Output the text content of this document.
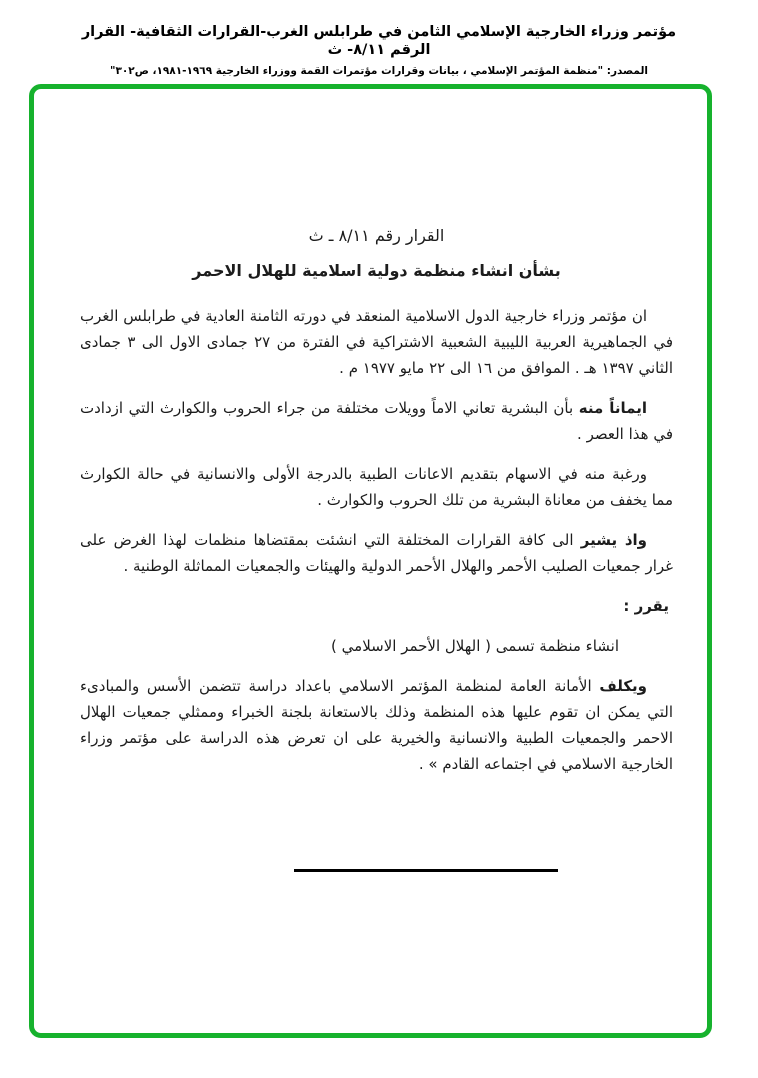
مؤتمر وزراء الخارجية الإسلامي الثامن في طرابلس الغرب-القرارات الثقافية- القرار الرقم ٨/١١- ث
المصدر: "منظمة المؤتمر الإسلامي ، بيانات وقرارات مؤتمرات القمة ووزراء الخارجية ١٩٦٩-١٩٨١، ص٣٠٢"

القرار رقم ٨/١١ ـ ث

بشأن انشاء منظمة دولية اسلامية للهلال الاحمر

ان مؤتمر وزراء خارجية الدول الاسلامية المنعقد في دورته الثامنة العادية في طرابلس الغرب في الجماهيرية العربية الليبية الشعبية الاشتراكية في الفترة من ٢٧ جمادى الاول الى ٣ جمادى الثاني ١٣٩٧ هـ . الموافق من ١٦ الى ٢٢ مايو ١٩٧٧ م .

ايماناً منه بأن البشرية تعاني الاماً وويلات مختلفة من جراء الحروب والكوارث التي ازدادت في هذا العصر .

ورغبة منه في الاسهام بتقديم الاعانات الطبية بالدرجة الأولى والانسانية في حالة الكوارث مما يخفف من معاناة البشرية من تلك الحروب والكوارث .

واذ يشير الى كافة القرارات المختلفة التي انشئت بمقتضاها منظمات لهذا الغرض على غرار جمعيات الصليب الأحمر والهلال الأحمر الدولية والهيئات والجمعيات المماثلة الوطنية .

يقرر :

انشاء منظمة تسمى ( الهلال الأحمر الاسلامي )

ويكلف الأمانة العامة لمنظمة المؤتمر الاسلامي باعداد دراسة تتضمن الأسس والمبادىء التي يمكن ان تقوم عليها هذه المنظمة وذلك بالاستعانة بلجنة الخبراء وممثلي جمعيات الهلال الاحمر والجمعيات الطبية والانسانية والخيرية على ان تعرض هذه الدراسة على مؤتمر وزراء الخارجية الاسلامي في اجتماعه القادم » .
